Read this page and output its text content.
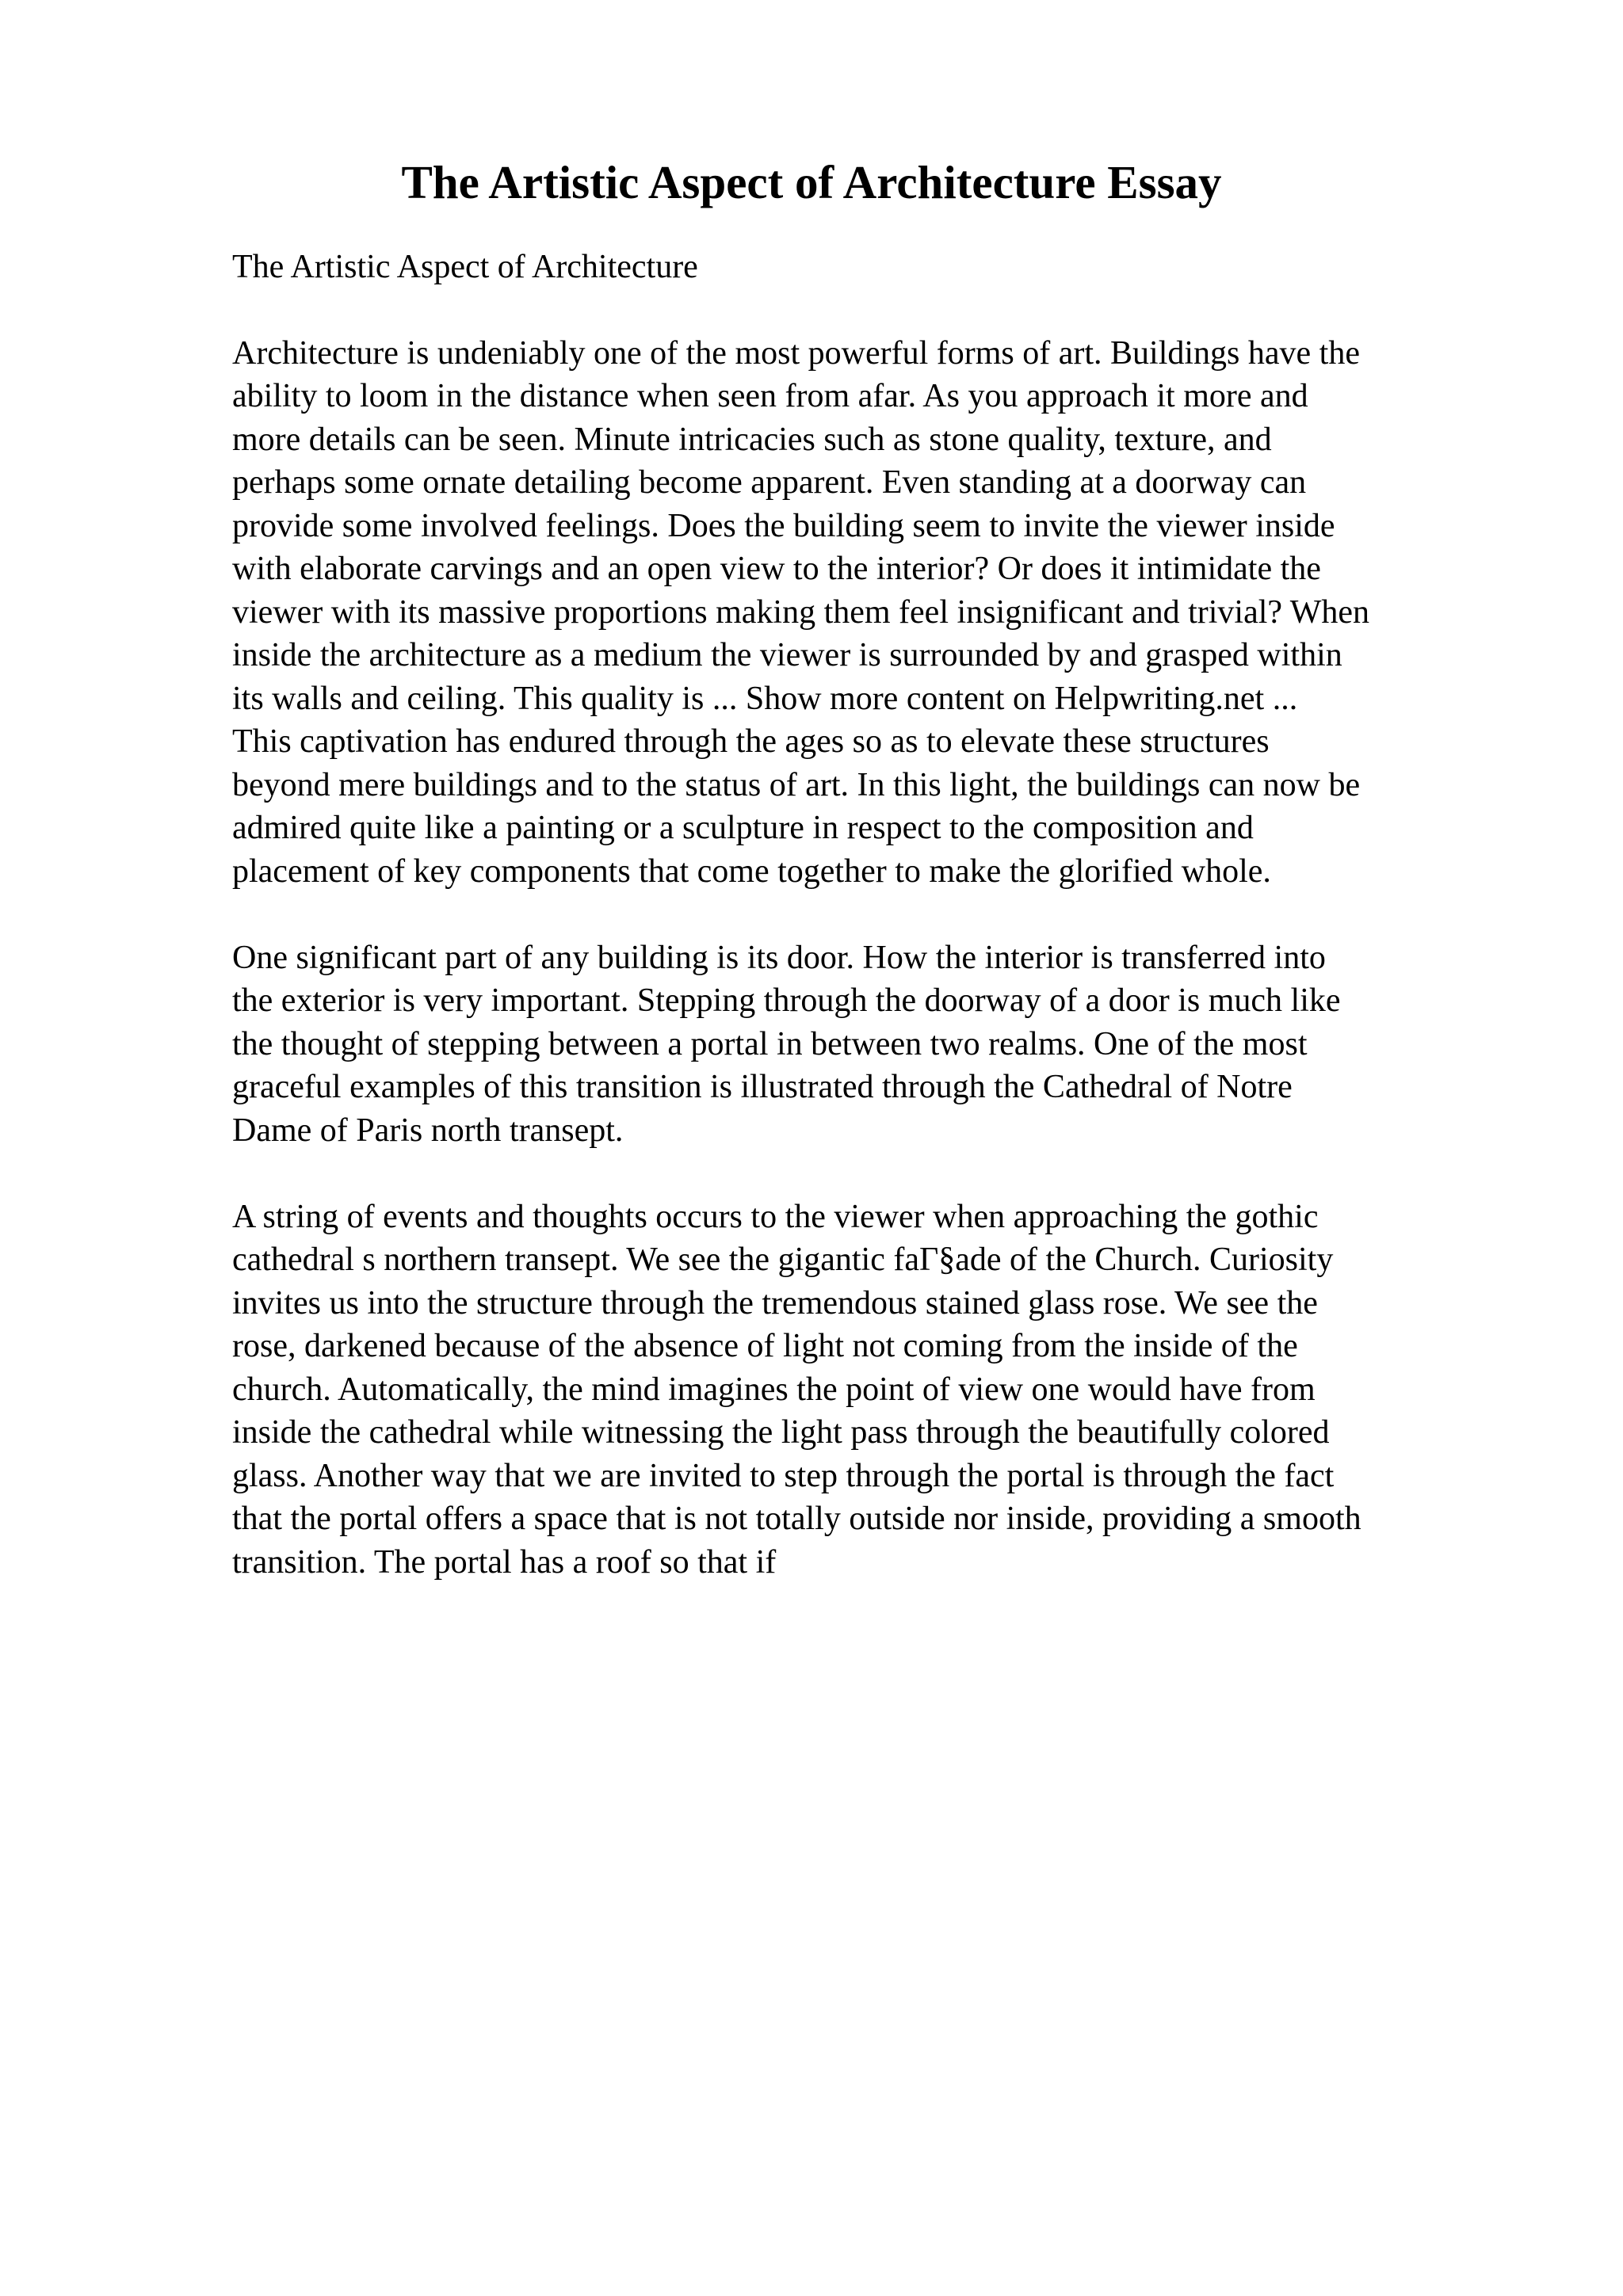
The Artistic Aspect of Architecture Essay

The Artistic Aspect of Architecture

Architecture is undeniably one of the most powerful forms of art. Buildings have the

ability to loom in the distance when seen from afar. As you approach it more and

more details can be seen. Minute intricacies such as stone quality, texture, and

perhaps some ornate detailing become apparent. Even standing at a doorway can

provide some involved feelings. Does the building seem to invite the viewer inside

with elaborate carvings and an open view to the interior? Or does it intimidate the

viewer with its massive proportions making them feel insignificant and trivial? When

inside the architecture as a medium the viewer is surrounded by and grasped within

its walls and ceiling. This quality is ... Show more content on Helpwriting.net ...

This captivation has endured through the ages so as to elevate these structures

beyond mere buildings and to the status of art. In this light, the buildings can now be

admired quite like a painting or a sculpture in respect to the composition and

placement of key components that come together to make the glorified whole.

One significant part of any building is its door. How the interior is transferred into

the exterior is very important. Stepping through the doorway of a door is much like

the thought of stepping between a portal in between two realms. One of the most

graceful examples of this transition is illustrated through the Cathedral of Notre

Dame of Paris north transept.

A string of events and thoughts occurs to the viewer when approaching the gothic

cathedral s northern transept. We see the gigantic faΓ§ade of the Church. Curiosity

invites us into the structure through the tremendous stained glass rose. We see the

rose, darkened because of the absence of light not coming from the inside of the

church. Automatically, the mind imagines the point of view one would have from

inside the cathedral while witnessing the light pass through the beautifully colored

glass. Another way that we are invited to step through the portal is through the fact

that the portal offers a space that is not totally outside nor inside, providing a smooth

transition. The portal has a roof so that if
